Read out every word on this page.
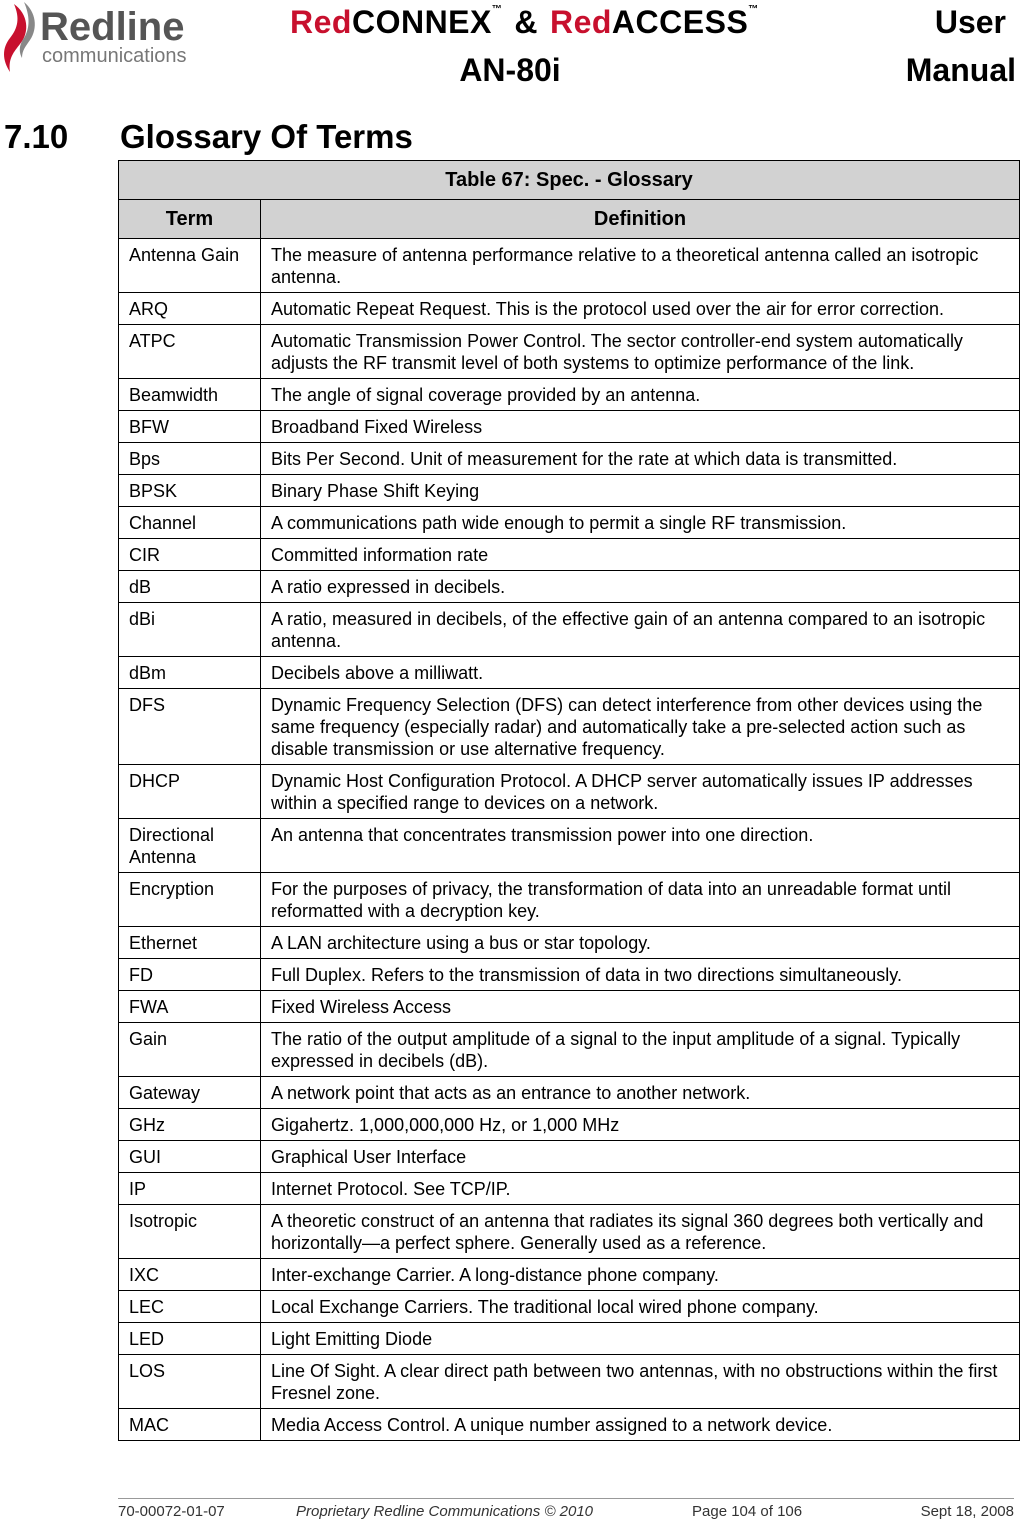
Redline
communications
RedCONNEX™ & RedACCESS™
AN-80i
User
Manual
7.10 Glossary Of Terms
Table 67: Spec. - Glossary	
Term	Definition
Antenna Gain	The measure of antenna performance relative to a theoretical antenna called an isotropic antenna.
ARQ	Automatic Repeat Request. This is the protocol used over the air for error correction.
ATPC	Automatic Transmission Power Control. The sector controller-end system automatically adjusts the RF transmit level of both systems to optimize performance of the link.
Beamwidth	The angle of signal coverage provided by an antenna.
BFW	Broadband Fixed Wireless
Bps	Bits Per Second. Unit of measurement for the rate at which data is transmitted.
BPSK	Binary Phase Shift Keying
Channel	A communications path wide enough to permit a single RF transmission.
CIR	Committed information rate
dB	A ratio expressed in decibels.
dBi	A ratio, measured in decibels, of the effective gain of an antenna compared to an isotropic antenna.
dBm	Decibels above a milliwatt.
DFS	Dynamic Frequency Selection (DFS) can detect interference from other devices using the same frequency (especially radar) and automatically take a pre-selected action such as disable transmission or use alternative frequency.
DHCP	Dynamic Host Configuration Protocol. A DHCP server automatically issues IP addresses within a specified range to devices on a network.
Directional Antenna	An antenna that concentrates transmission power into one direction.
Encryption	For the purposes of privacy, the transformation of data into an unreadable format until reformatted with a decryption key.
Ethernet	A LAN architecture using a bus or star topology.
FD	Full Duplex. Refers to the transmission of data in two directions simultaneously.
FWA	Fixed Wireless Access
Gain	The ratio of the output amplitude of a signal to the input amplitude of a signal. Typically expressed in decibels (dB).
Gateway	A network point that acts as an entrance to another network.
GHz	Gigahertz. 1,000,000,000 Hz, or 1,000 MHz
GUI	Graphical User Interface
IP	Internet Protocol. See TCP/IP.
Isotropic	A theoretic construct of an antenna that radiates its signal 360 degrees both vertically and horizontally—a perfect sphere. Generally used as a reference.
IXC	Inter-exchange Carrier. A long-distance phone company.
LEC	Local Exchange Carriers. The traditional local wired phone company.
LED	Light Emitting Diode
LOS	Line Of Sight. A clear direct path between two antennas, with no obstructions within the first Fresnel zone.
MAC	Media Access Control. A unique number assigned to a network device.
70-00072-01-07	Proprietary Redline Communications © 2010	Page 104 of 106	Sept 18, 2008
